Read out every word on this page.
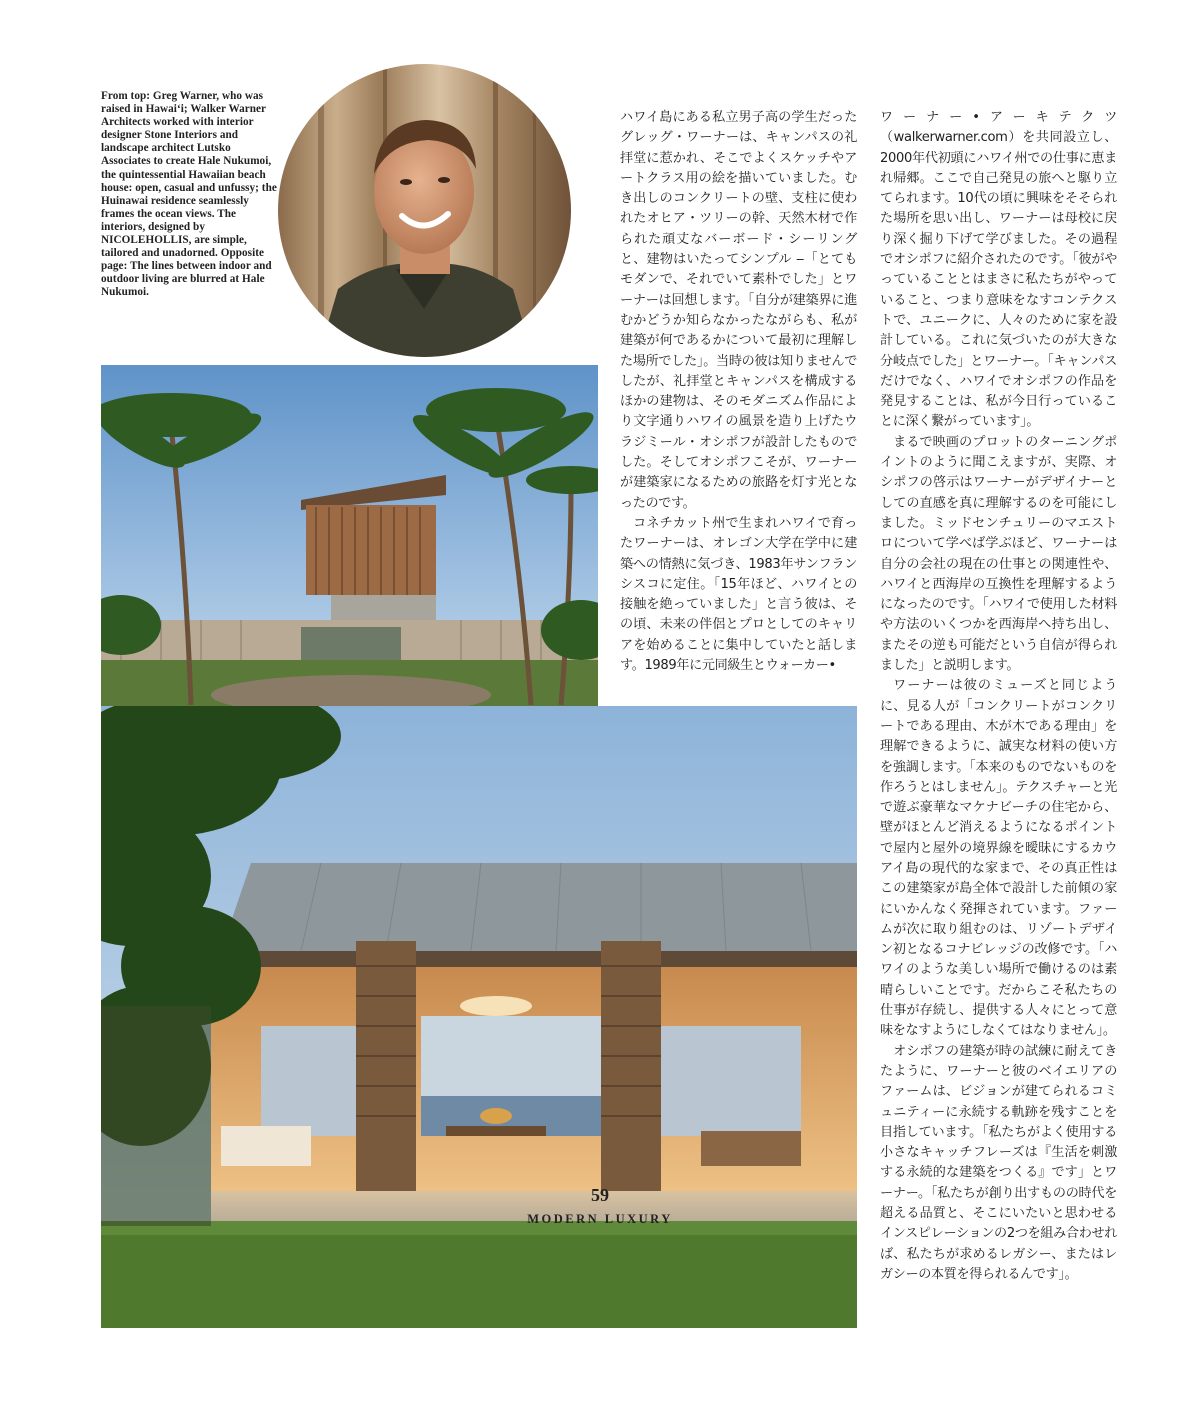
From top: Greg Warner, who was raised in Hawai‘i; Walker Warner Architects worked with interior designer Stone Interiors and landscape architect Lutsko Associates to create Hale Nukumoi, the quintessential Hawaiian beach house: open, casual and unfussy; the Huinawai residence seamlessly frames the ocean views. The interiors, designed by NICOLEHOLLIS, are simple, tailored and unadorned. Opposite page: The lines between indoor and outdoor living are blurred at Hale Nukumoi.

ハワイ島にある私立男子高の学生だったグレッグ・ワーナーは、キャンパスの礼拝堂に惹かれ、そこでよくスケッチやアートクラス用の絵を描いていました。むき出しのコンクリートの壁、支柱に使われたオヒア・ツリーの幹、天然木材で作られた頑丈なバーボード・シーリングと、建物はいたってシンプル ‒「とてもモダンで、それでいて素朴でした」とワーナーは回想します。「自分が建築界に進むかどうか知らなかったながらも、私が建築が何であるかについて最初に理解した場所でした」。当時の彼は知りませんでしたが、礼拝堂とキャンパスを構成するほかの建物は、そのモダニズム作品により文字通りハワイの風景を造り上げたウラジミール・オシポフが設計したものでした。そしてオシポフこそが、ワーナーが建築家になるための旅路を灯す光となったのです。

コネチカット州で生まれハワイで育ったワーナーは、オレゴン大学在学中に建築への情熱に気づき、1983年サンフランシスコに定住。「15年ほど、ハワイとの接触を絶っていました」と言う彼は、その頃、未来の伴侶とプロとしてのキャリアを始めることに集中していたと話します。1989年に元同級生とウォーカー•

ワーナー•アーキテクツ（walkerwarner.com）を共同設立し、2000年代初頭にハワイ州での仕事に恵まれ帰郷。ここで自己発見の旅へと駆り立てられます。10代の頃に興味をそそられた場所を思い出し、ワーナーは母校に戻り深く掘り下げて学びました。その過程でオシポフに紹介されたのです。「彼がやっていることとはまさに私たちがやっていること、つまり意味をなすコンテクストで、ユニークに、人々のために家を設計している。これに気づいたのが大きな分岐点でした」とワーナー。「キャンパスだけでなく、ハワイでオシポフの作品を発見することは、私が今日行っていることに深く繋がっています」。

まるで映画のプロットのターニングポイントのように聞こえますが、実際、オシポフの啓示はワーナーがデザイナーとしての直感を真に理解するのを可能にしました。ミッドセンチュリーのマエストロについて学べば学ぶほど、ワーナーは自分の会社の現在の仕事との関連性や、ハワイと西海岸の互換性を理解するようになったのです。「ハワイで使用した材料や方法のいくつかを西海岸へ持ち出し、またその逆も可能だという自信が得られました」と説明します。

ワーナーは彼のミューズと同じように、見る人が「コンクリートがコンクリートである理由、木が木である理由」を理解できるように、誠実な材料の使い方を強調します。「本来のものでないものを作ろうとはしません」。テクスチャーと光で遊ぶ豪華なマケナビーチの住宅から、壁がほとんど消えるようになるポイントで屋内と屋外の境界線を曖昧にするカウアイ島の現代的な家まで、その真正性はこの建築家が島全体で設計した前傾の家にいかんなく発揮されています。ファームが次に取り組むのは、リゾートデザイン初となるコナビレッジの改修です。「ハワイのような美しい場所で働けるのは素晴らしいことです。だからこそ私たちの仕事が存続し、提供する人々にとって意味をなすようにしなくてはなりません」。

オシポフの建築が時の試練に耐えてきたように、ワーナーと彼のベイエリアのファームは、ビジョンが建てられるコミュニティーに永続する軌跡を残すことを目指しています。「私たちがよく使用する小さなキャッチフレーズは『生活を刺激する永続的な建築をつくる』です」とワーナー。「私たちが創り出すものの時代を超える品質と、そこにいたいと思わせるインスピレーションの2つを組み合わせれば、私たちが求めるレガシー、またはレガシーの本質を得られるんです」。

59
MODERN LUXURY
